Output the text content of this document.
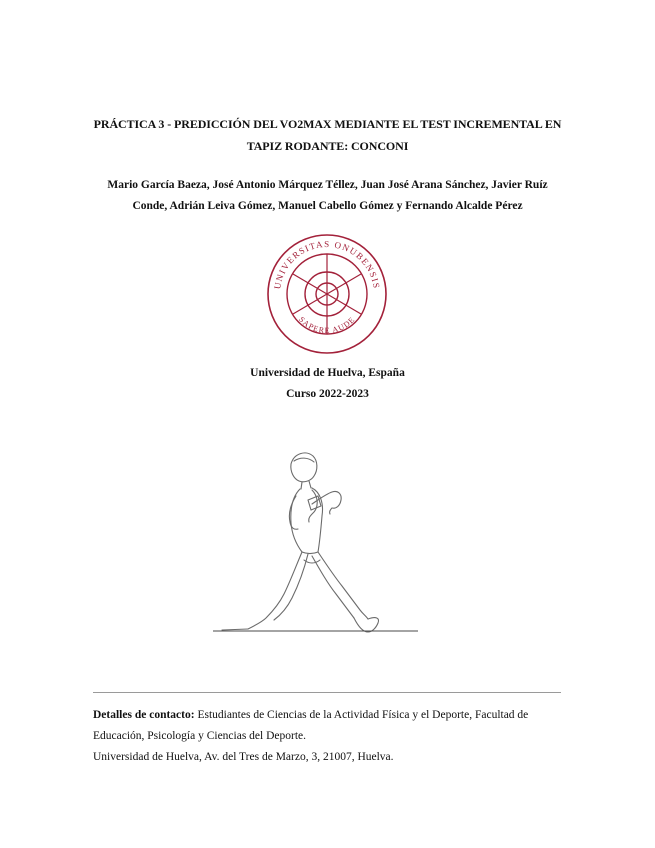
PRÁCTICA 3 - PREDICCIÓN DEL VO2MAX MEDIANTE EL TEST INCREMENTAL EN
TAPIZ RODANTE: CONCONI
Mario García Baeza, José Antonio Márquez Téllez, Juan José Arana Sánchez, Javier Ruíz
Conde, Adrián Leiva Gómez, Manuel Cabello Gómez y Fernando Alcalde Pérez
UNIVERSITAS ONUBENSIS
SAPERE AUDE
Universidad de Huelva, España
Curso 2022-2023
Detalles de contacto: Estudiantes de Ciencias de la Actividad Física y el Deporte, Facultad de
Educación, Psicología y Ciencias del Deporte.
Universidad de Huelva, Av. del Tres de Marzo, 3, 21007, Huelva.
